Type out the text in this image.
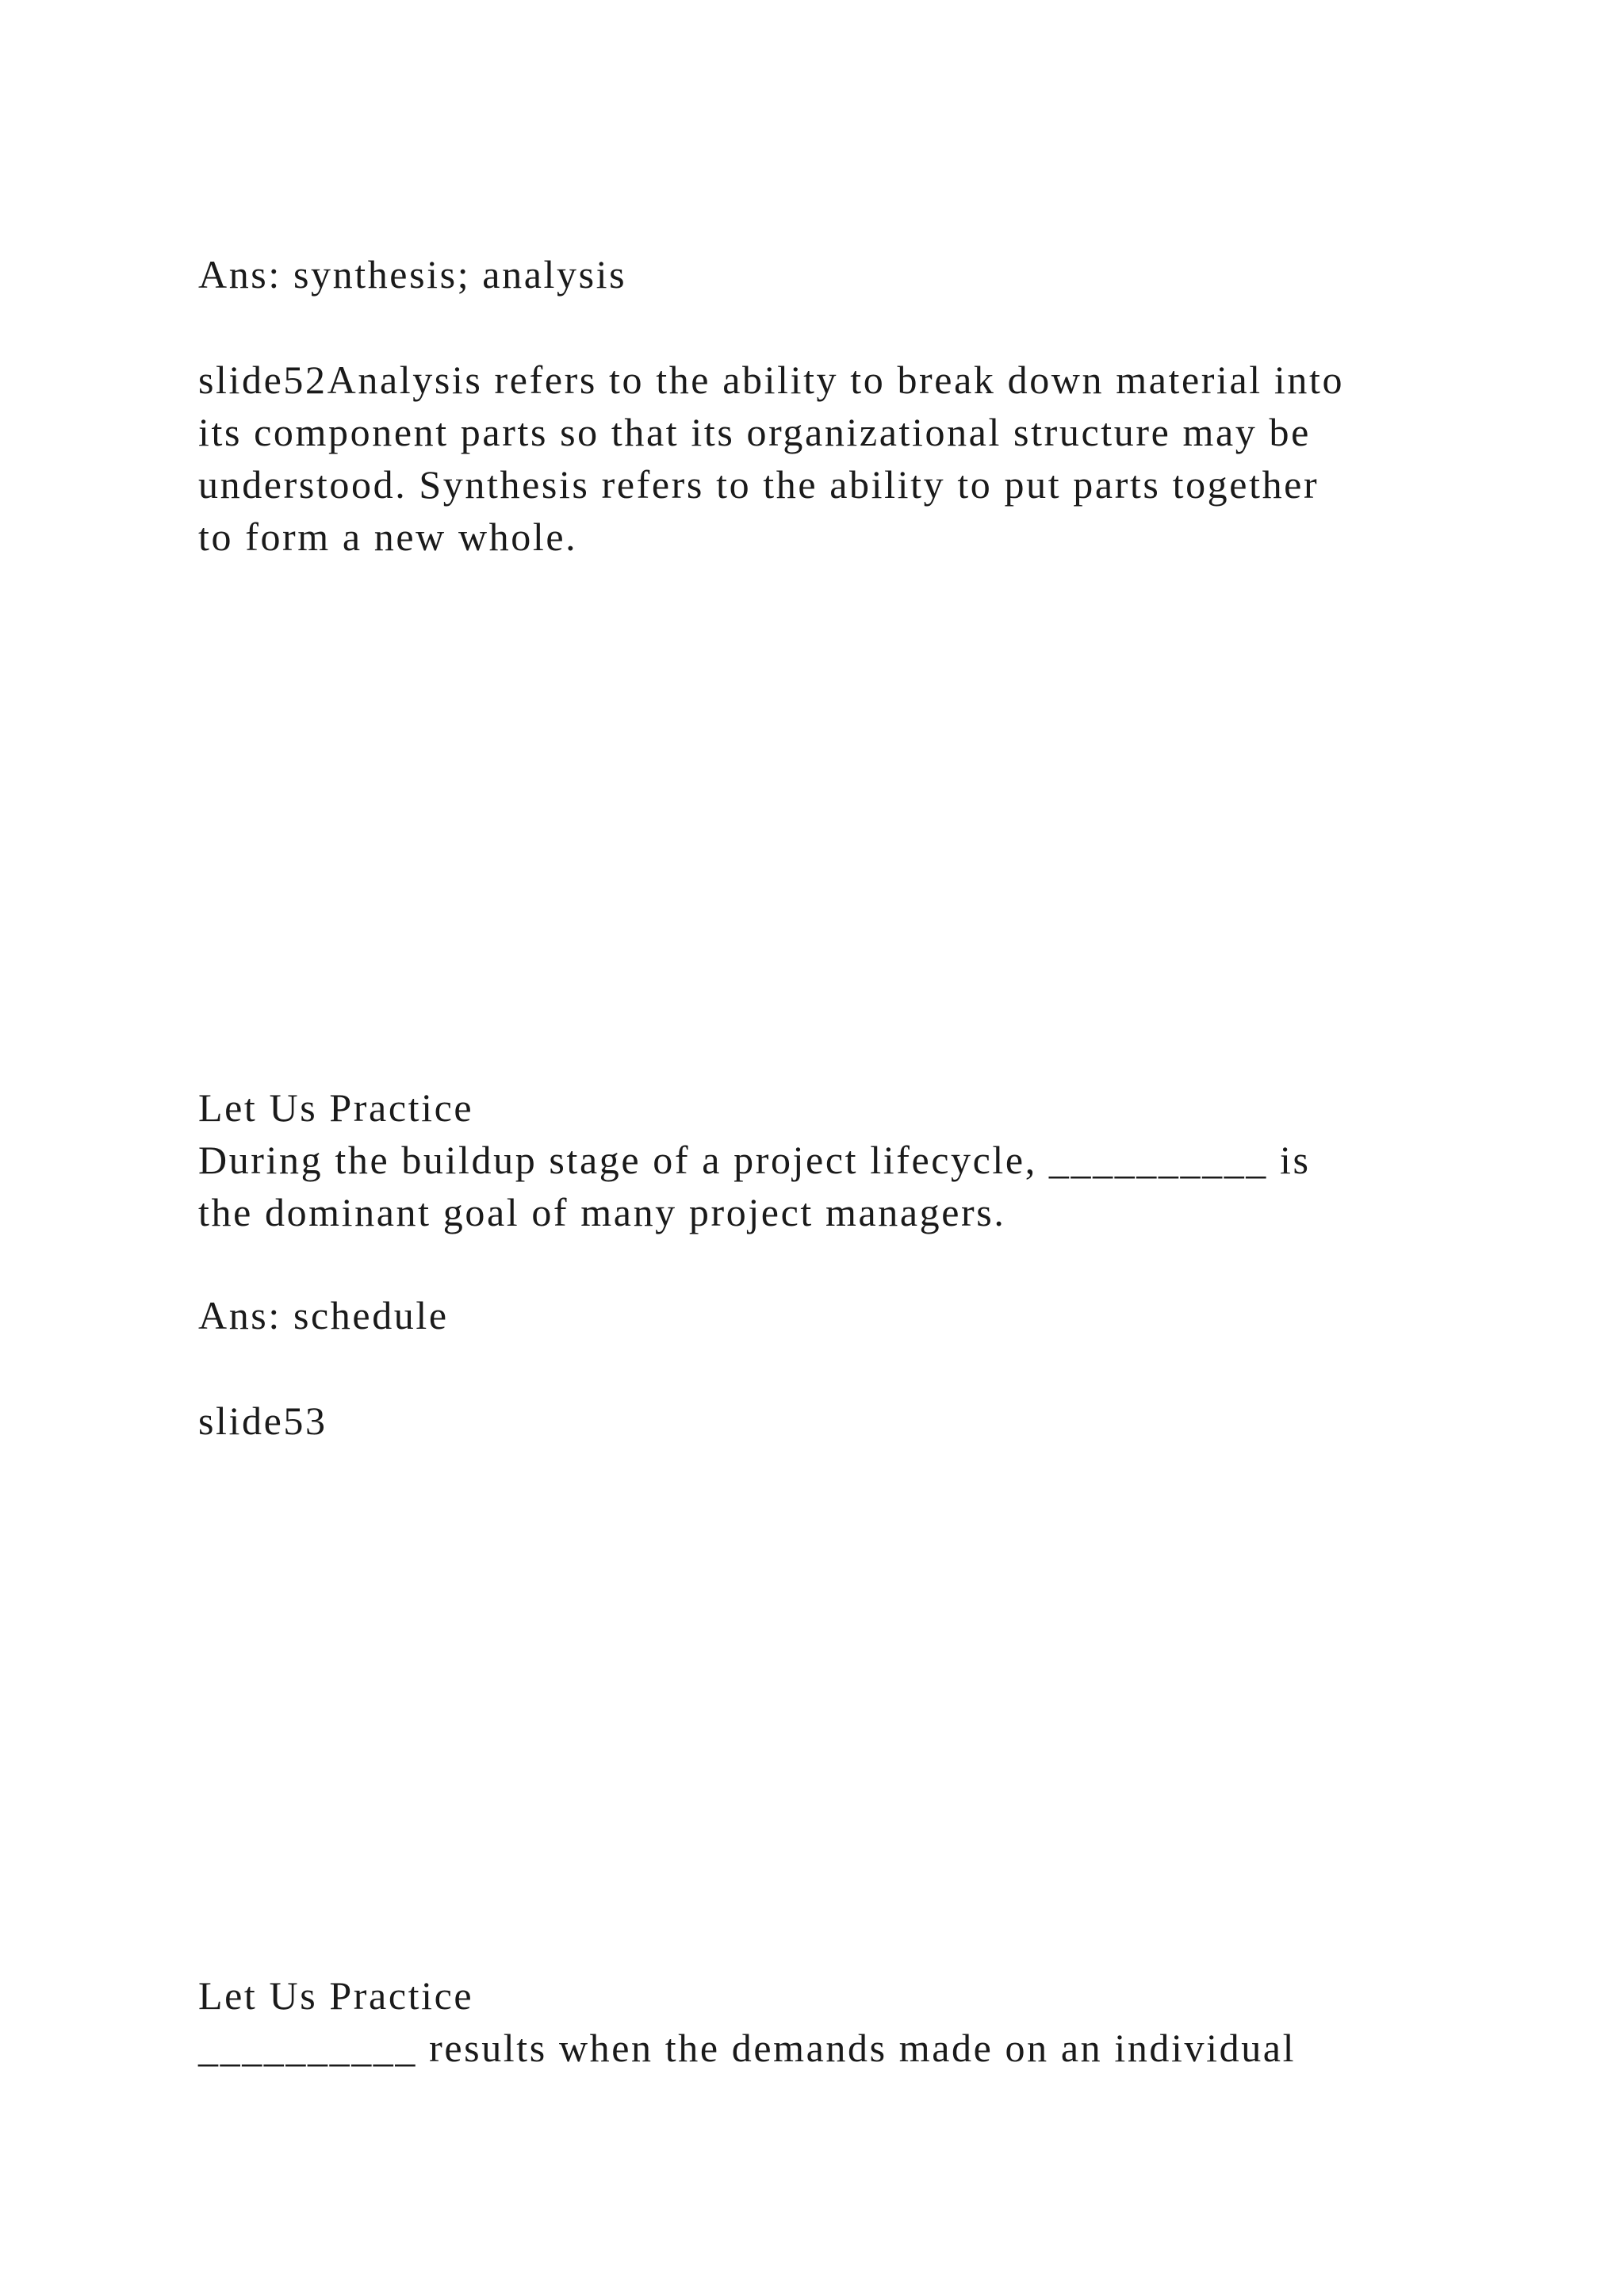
Ans: synthesis; analysis

slide52Analysis refers to the ability to break down material into

its component parts so that its organizational structure may be

understood. Synthesis refers to the ability to put parts together

to form a new whole.

Let Us Practice

During the buildup stage of a project lifecycle, __________ is

the dominant goal of many project managers.

Ans: schedule

slide53

Let Us Practice

__________ results when the demands made on an individual
